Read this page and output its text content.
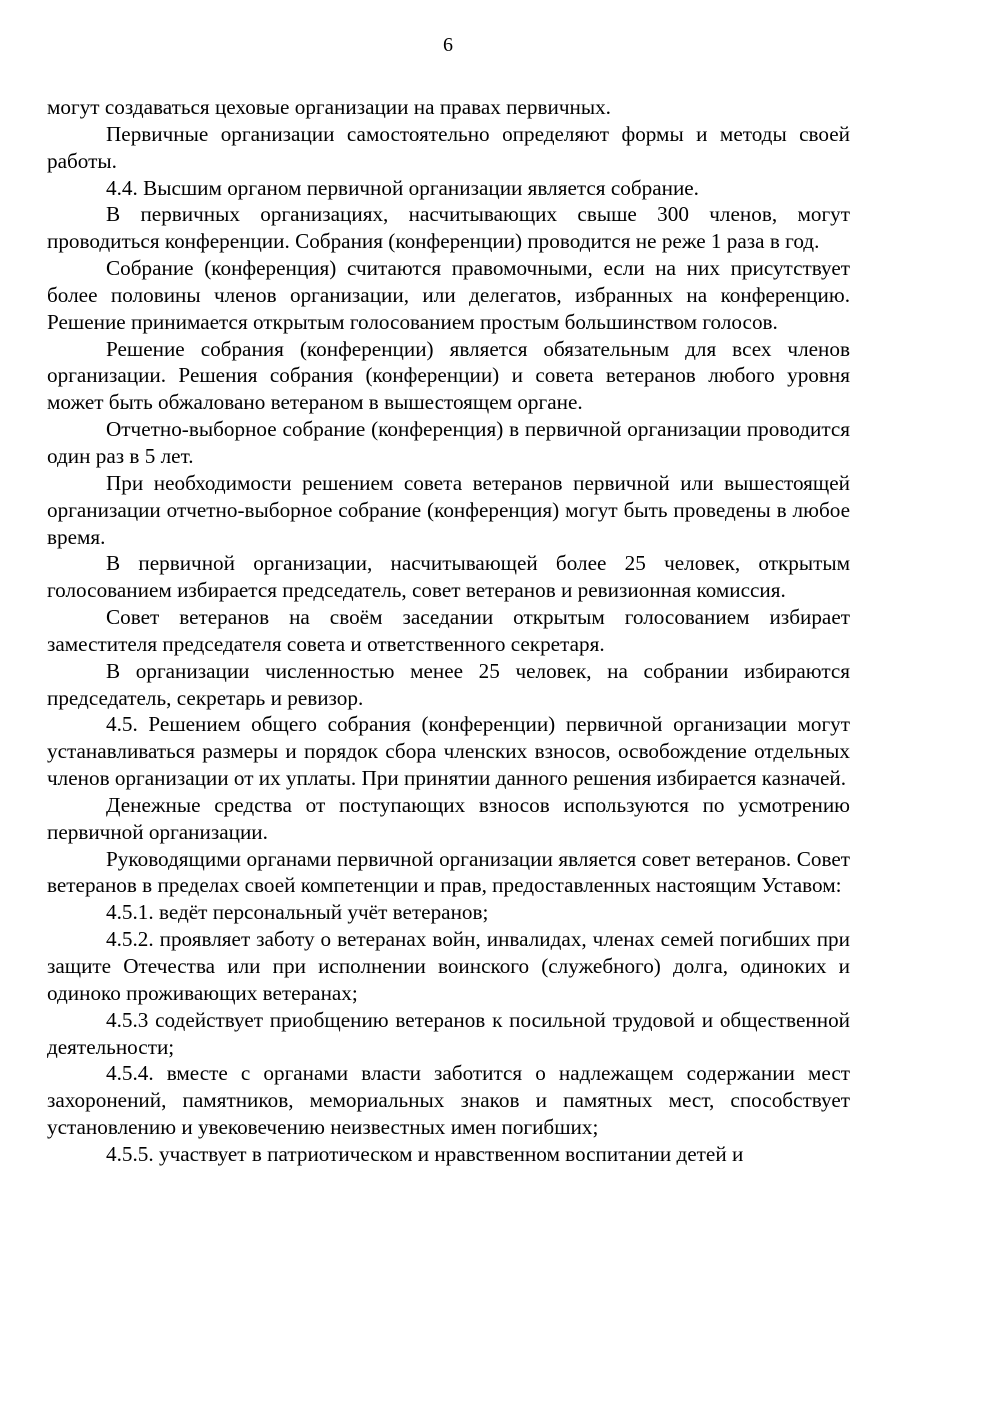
6

могут создаваться цеховые организации на правах первичных.

Первичные организации самостоятельно определяют формы и методы своей работы.

4.4. Высшим органом первичной организации является собрание.

В первичных организациях, насчитывающих свыше 300 членов, могут проводиться конференции. Собрания (конференции) проводится не реже 1 раза в год.

Собрание (конференция) считаются правомочными, если на них присутствует более половины членов организации, или делегатов, избранных на конференцию. Решение принимается открытым голосованием простым большинством голосов.

Решение собрания (конференции) является обязательным для всех членов организации. Решения собрания (конференции) и совета ветеранов любого уровня может быть обжаловано ветераном в вышестоящем органе.

Отчетно-выборное собрание (конференция) в первичной организации проводится один раз в 5 лет.

При необходимости решением совета ветеранов первичной или вышестоящей организации отчетно-выборное собрание (конференция) могут быть проведены в любое время.

В первичной организации, насчитывающей более 25 человек, открытым голосованием избирается председатель, совет ветеранов и ревизионная комиссия.

Совет ветеранов на своём заседании открытым голосованием избирает заместителя председателя совета и ответственного секретаря.

В организации численностью менее 25 человек, на собрании избираются председатель, секретарь и ревизор.

4.5. Решением общего собрания (конференции) первичной организации могут устанавливаться размеры и порядок сбора членских взносов, освобождение отдельных членов организации от их уплаты. При принятии данного решения избирается казначей.

Денежные средства от поступающих взносов используются по усмотрению первичной организации.

Руководящими органами первичной организации является совет ветеранов. Совет ветеранов в пределах своей компетенции и прав, предоставленных настоящим Уставом:

4.5.1. ведёт персональный учёт ветеранов;

4.5.2. проявляет заботу о ветеранах войн, инвалидах, членах семей погибших при защите Отечества или при исполнении воинского (служебного) долга, одиноких и одиноко проживающих ветеранах;

4.5.3 содействует приобщению ветеранов к посильной трудовой и общественной деятельности;

4.5.4. вместе с органами власти заботится о надлежащем содержании мест захоронений, памятников, мемориальных знаков и памятных мест, способствует установлению и увековечению неизвестных имен погибших;

4.5.5. участвует в патриотическом и нравственном воспитании детей и
